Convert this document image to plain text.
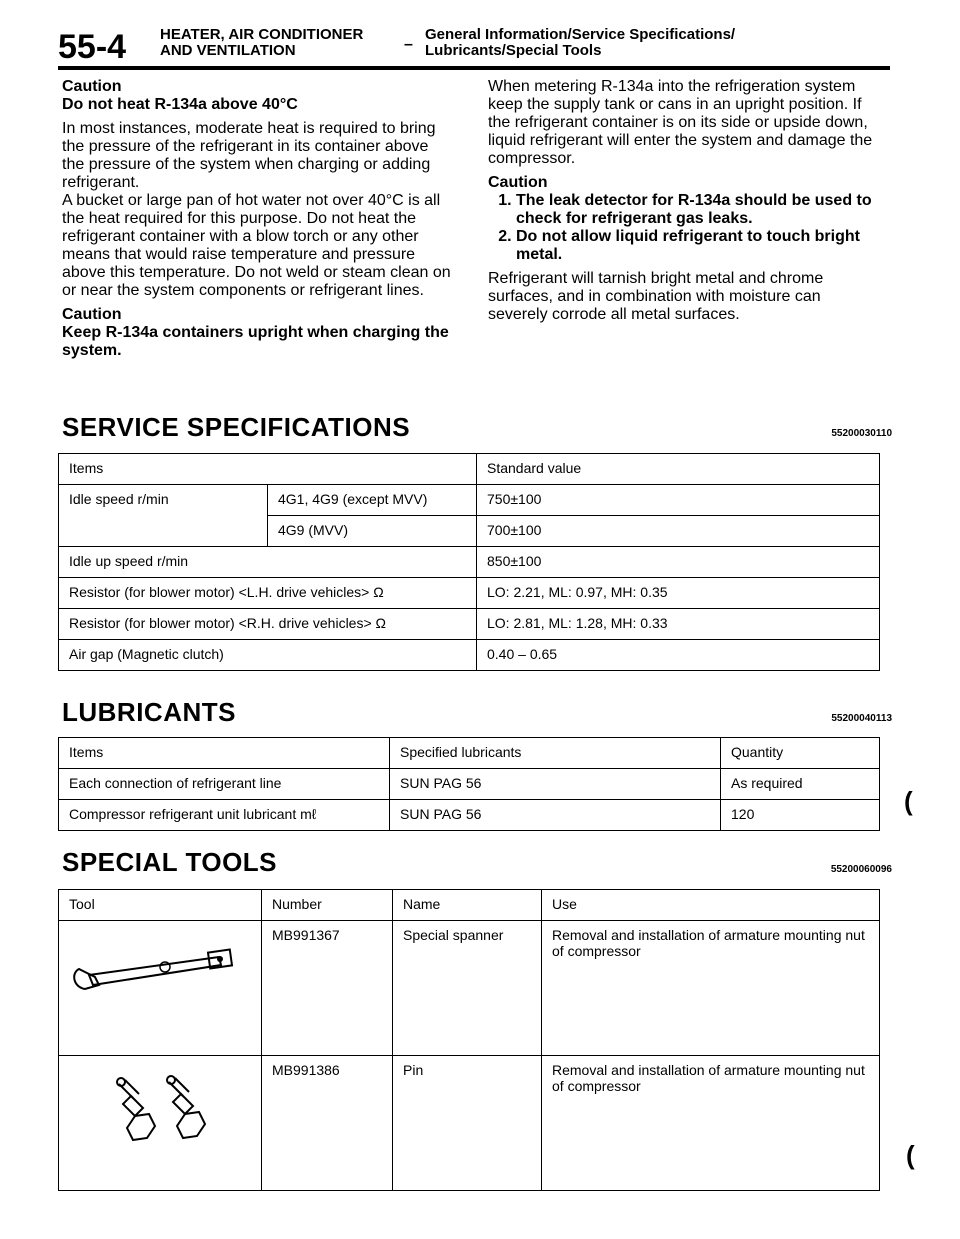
55-4 HEATER, AIR CONDITIONER
AND VENTILATION	–
General Information/Service Specifications/
Lubricants/Special Tools

Caution

Do not heat R-134a above 40°C

In most instances, moderate heat is required to bring the pressure of the refrigerant in its container above the pressure of the system when charging or adding refrigerant.

A bucket or large pan of hot water not over 40°C is all the heat required for this purpose. Do not heat the refrigerant container with a blow torch or any other means that would raise temperature and pressure above this temperature. Do not weld or steam clean on or near the system components or refrigerant lines.

Caution

Keep R-134a containers upright when charging the system.

When metering R-134a into the refrigeration system keep the supply tank or cans in an upright position. If the refrigerant container is on its side or upside down, liquid refrigerant will enter the system and damage the compressor.

Caution

1. The leak detector for R-134a should be used to check for refrigerant gas leaks.
2. Do not allow liquid refrigerant to touch bright metal.

Refrigerant will tarnish bright metal and chrome surfaces, and in combination with moisture can severely corrode all metal surfaces.

SERVICE SPECIFICATIONS	55200030110
Items		Standard value
Idle speed r/min	4G1, 4G9 (except MVV)	750±100
	4G9 (MVV)	700±100
Idle up speed r/min		850±100
Resistor (for blower motor) <L.H. drive vehicles> Ω		LO: 2.21, ML: 0.97, MH: 0.35
Resistor (for blower motor) <R.H. drive vehicles> Ω		LO: 2.81, ML: 1.28, MH: 0.33
Air gap (Magnetic clutch)		0.40 – 0.65
LUBRICANTS	55200040113
Items	Specified lubricants	Quantity
Each connection of refrigerant line	SUN PAG 56	As required
Compressor refrigerant unit lubricant mℓ	SUN PAG 56	120	(
SPECIAL TOOLS	55200060096
Tool	Number	Name	Use

	MB991367	Special spanner	Removal and installation of armature mounting nut of compressor

	MB991386	Pin	Removal and installation of armature mounting nut of compressor
(
